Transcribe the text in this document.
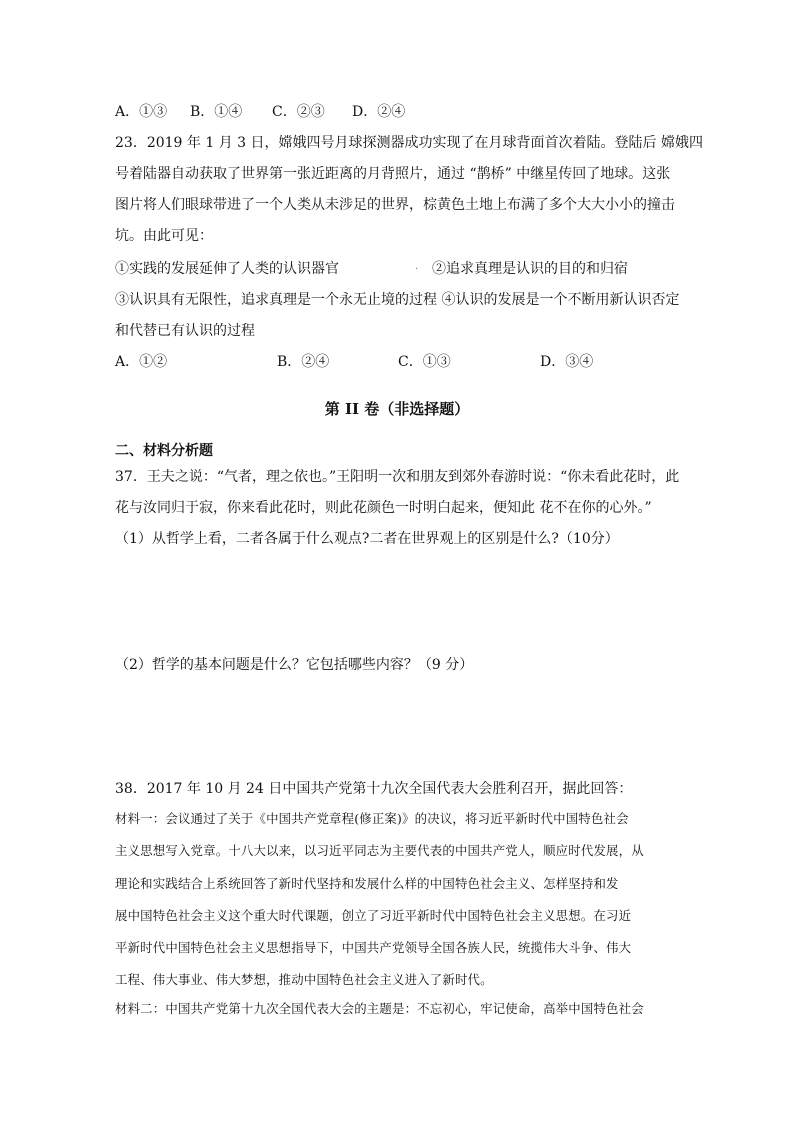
A．①③ B．①④ C．②③ D．②④
23．2019 年 1 月 3 日，嫦娥四号月球探测器成功实现了在月球背面首次着陆。登陆后 嫦娥四
号着陆器自动获取了世界第一张近距离的月背照片，通过 “鹊桥” 中继星传回了地球。这张
图片将人们眼球带进了一个人类从未涉足的世界，棕黄色土地上布满了多个大大小小的撞击
坑。由此可见：
①实践的发展延伸了人类的认识器官	· ②追求真理是认识的目的和归宿
③认识具有无限性，追求真理是一个永无止境的过程 ④认识的发展是一个不断用新认识否定
和代替已有认识的过程
A．①②	B．②④	C．①③	D．③④
第 II 卷（非选择题）
二、材料分析题
37．王夫之说：“气者，理之依也。”王阳明一次和朋友到郊外春游时说：“你未看此花时，此
花与汝同归于寂，你来看此花时，则此花颜色一时明白起来，便知此 花不在你的心外。”
（1）从哲学上看，二者各属于什么观点?二者在世界观上的区别是什么?（10分）
（2）哲学的基本问题是什么？它包括哪些内容？（9 分）
38．2017 年 10 月 24 日中国共产党第十九次全国代表大会胜利召开，据此回答：
材料一：会议通过了关于《中国共产党章程(修正案)》的决议，将习近平新时代中国特色社会
主义思想写入党章。十八大以来，以习近平同志为主要代表的中国共产党人，顺应时代发展，从
理论和实践结合上系统回答了新时代坚持和发展什么样的中国特色社会主义、怎样坚持和发
展中国特色社会主义这个重大时代课题，创立了习近平新时代中国特色社会主义思想。在习近
平新时代中国特色社会主义思想指导下，中国共产党领导全国各族人民，统揽伟大斗争、伟大
工程、伟大事业、伟大梦想，推动中国特色社会主义进入了新时代。
材料二：中国共产党第十九次全国代表大会的主题是：不忘初心，牢记使命，高举中国特色社会
